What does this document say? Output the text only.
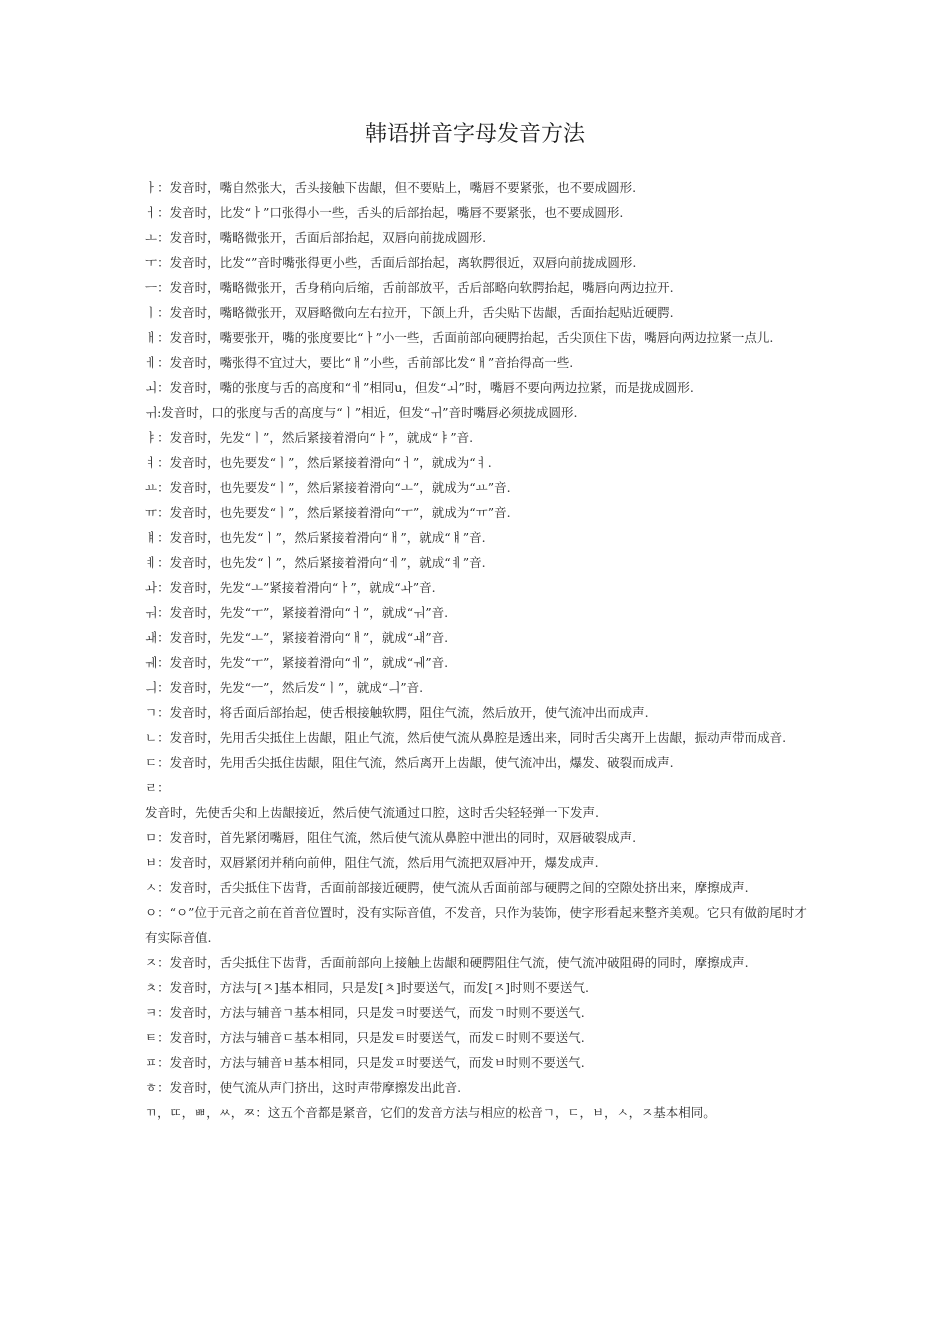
韩语拼音字母发音方法

ㅏ：发音时，嘴自然张大，舌头接触下齿龈，但不要贴上，嘴唇不要紧张，也不要成圆形.

ㅓ：发音时，比发“ㅏ”口张得小一些，舌头的后部抬起，嘴唇不要紧张，也不要成圆形.

ㅗ：发音时，嘴略微张开，舌面后部抬起，双唇向前拢成圆形.

ㅜ：发音时，比发“”音时嘴张得更小些，舌面后部抬起，离软腭很近，双唇向前拢成圆形.

ㅡ：发音时，嘴略微张开，舌身稍向后缩，舌前部放平，舌后部略向软腭抬起，嘴唇向两边拉开.

ㅣ：发音时，嘴略微张开，双唇略微向左右拉开，下颌上升，舌尖贴下齿龈，舌面抬起贴近硬腭.

ㅐ：发音时，嘴要张开，嘴的张度要比“ㅏ”小一些，舌面前部向硬腭抬起，舌尖顶住下齿，嘴唇向两边拉紧一点儿.

ㅔ：发音时，嘴张得不宜过大，要比“ㅐ”小些，舌前部比发“ㅐ”音抬得高一些.

ㅚ：发音时，嘴的张度与舌的高度和“ㅔ”相同u，但发“ㅚ”时，嘴唇不要向两边拉紧，而是拢成圆形.

ㅟ:发音时，口的张度与舌的高度与“ㅣ”相近，但发“ㅟ”音时嘴唇必须拢成圆形.

ㅑ：发音时，先发“ㅣ”，然后紧接着滑向“ㅏ”，就成“ㅑ”音.

ㅕ：发音时，也先要发“ㅣ”，然后紧接着滑向“ㅓ”，就成为“ㅕ.

ㅛ：发音时，也先要发“ㅣ”，然后紧接着滑向“ㅗ”，就成为“ㅛ”音.

ㅠ：发音时，也先要发“ㅣ”，然后紧接着滑向“ㅜ”，就成为“ㅠ”音.

ㅒ：发音时，也先发“ㅣ”，然后紧接着滑向“ㅐ”，就成“ㅒ”音.

ㅖ：发音时，也先发“ㅣ”，然后紧接着滑向“ㅔ”，就成“ㅖ”音.

ㅘ：发音时，先发“ㅗ”紧接着滑向“ㅏ”，就成“ㅘ”音.

ㅝ：发音时，先发“ㅜ”，紧接着滑向“ㅓ”，就成“ㅝ”音.

ㅙ：发音时，先发“ㅗ”，紧接着滑向“ㅐ”，就成“ㅙ”音.

ㅞ：发音时，先发“ㅜ”，紧接着滑向“ㅔ”，就成“ㅞ”音.

ㅢ：发音时，先发“ㅡ”，然后发“ㅣ”，就成“ㅢ”音.

ㄱ：发音时，将舌面后部抬起，使舌根接触软腭，阻住气流，然后放开，使气流冲出而成声.

ㄴ：发音时，先用舌尖抵住上齿龈，阻止气流，然后使气流从鼻腔是透出来，同时舌尖离开上齿龈，振动声带而成音.

ㄷ：发音时，先用舌尖抵住齿龈，阻住气流，然后离开上齿龈，使气流冲出，爆发、破裂而成声.

ㄹ：

发音时，先使舌尖和上齿龈接近，然后使气流通过口腔，这时舌尖轻轻弹一下发声.

ㅁ：发音时，首先紧闭嘴唇，阻住气流，然后使气流从鼻腔中泄出的同时，双唇破裂成声.

ㅂ：发音时，双唇紧闭并稍向前伸，阻住气流，然后用气流把双唇冲开，爆发成声.

ㅅ：发音时，舌尖抵住下齿背，舌面前部接近硬腭，使气流从舌面前部与硬腭之间的空隙处挤出来，摩擦成声.

ㅇ：“ㅇ”位于元音之前在首音位置时，没有实际音值，不发音，只作为装饰，使字形看起来整齐美观。它只有做韵尾时才有实际音值.

ㅈ：发音时，舌尖抵住下齿背，舌面前部向上接触上齿龈和硬腭阻住气流，使气流冲破阻碍的同时，摩擦成声.

ㅊ：发音时，方法与[ㅈ]基本相同，只是发[ㅊ]时要送气，而发[ㅈ]时则不要送气.

ㅋ：发音时，方法与辅音ㄱ基本相同，只是发ㅋ时要送气，而发ㄱ时则不要送气.

ㅌ：发音时，方法与辅音ㄷ基本相同，只是发ㅌ时要送气，而发ㄷ时则不要送气.

ㅍ：发音时，方法与辅音ㅂ基本相同，只是发ㅍ时要送气，而发ㅂ时则不要送气.

ㅎ：发音时，使气流从声门挤出，这时声带摩擦发出此音.

ㄲ，ㄸ，ㅃ，ㅆ，ㅉ：这五个音都是紧音，它们的发音方法与相应的松音ㄱ，ㄷ，ㅂ，ㅅ，ㅈ基本相同。
